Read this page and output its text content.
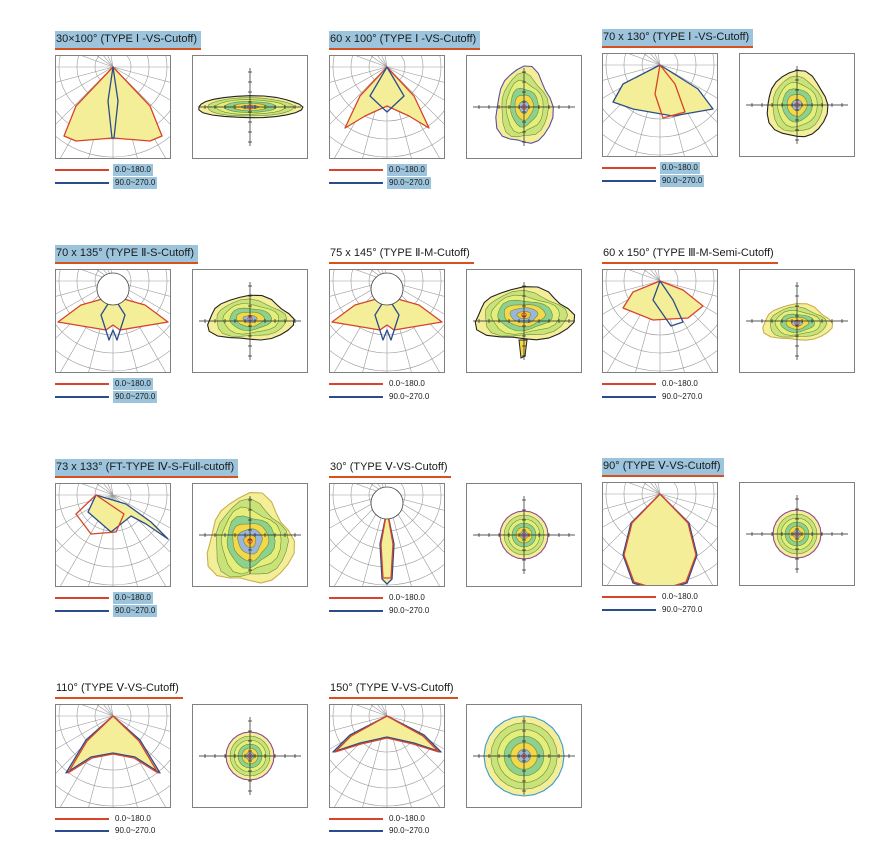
30×100° (TYPE Ⅰ -VS-Cutoff)
0.0~180.0
90.0~270.0
60 x 100° (TYPE Ⅰ -VS-Cutoff)
0.0~180.0
90.0~270.0
70 x 130° (TYPE Ⅰ -VS-Cutoff)
0.0~180.0
90.0~270.0
70 x 135° (TYPE Ⅱ-S-Cutoff)
0.0~180.0
90.0~270.0
75 x 145° (TYPE Ⅱ-M-Cutoff)
0.0~180.0
90.0~270.0
60 x 150° (TYPE Ⅲ-M-Semi-Cutoff)
0.0~180.0
90.0~270.0
73 x 133° (FT-TYPE Ⅳ-S-Full-cutoff)
0.0~180.0
90.0~270.0
30° (TYPE Ⅴ-VS-Cutoff)
0.0~180.0
90.0~270.0
90° (TYPE Ⅴ-VS-Cutoff)
0.0~180.0
90.0~270.0
110° (TYPE Ⅴ-VS-Cutoff)
0.0~180.0
90.0~270.0
150° (TYPE Ⅴ-VS-Cutoff)
0.0~180.0
90.0~270.0
